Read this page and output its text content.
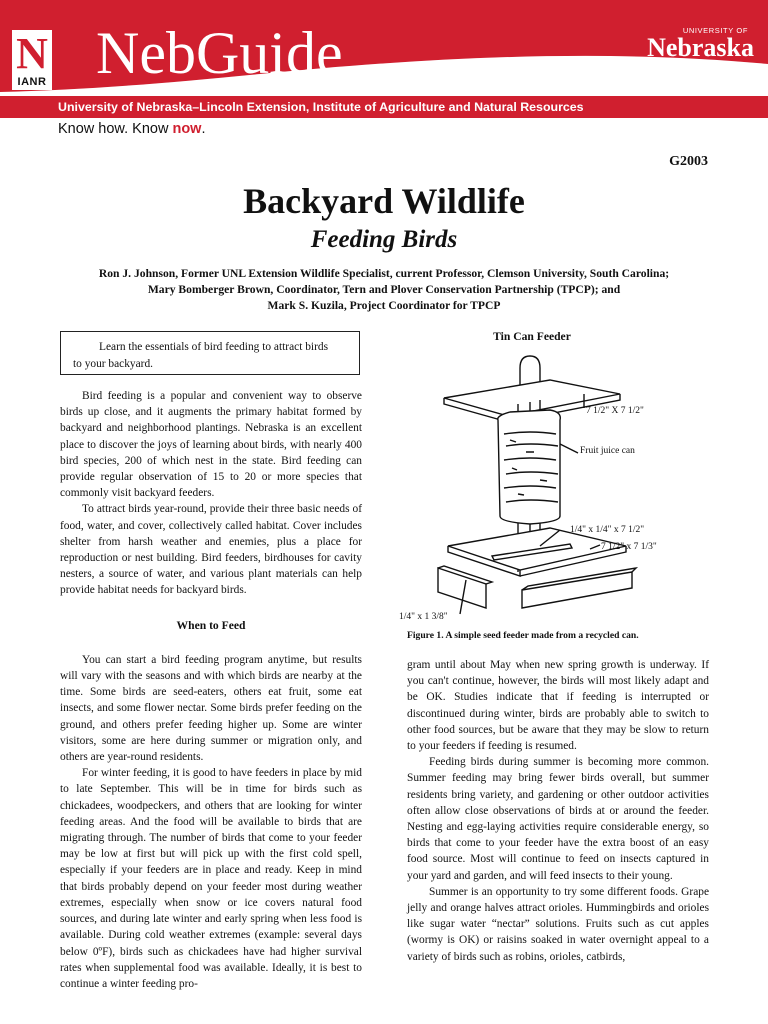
N
IANR NebGuide	UNIVERSITY OF
Nebraska
Lincoln
University of Nebraska–Lincoln Extension, Institute of Agriculture and Natural Resources
Know how. Know now.
G2003
Backyard Wildlife
Feeding Birds
Ron J. Johnson, Former UNL Extension Wildlife Specialist, current Professor, Clemson University, South Carolina;
Mary Bomberger Brown, Coordinator, Tern and Plover Conservation Partnership (TPCP); and
Mark S. Kuzila, Project Coordinator for TPCP
Learn the essentials of bird feeding to attract birds
to your backyard.

Bird feeding is a popular and convenient way to observe birds up close, and it augments the primary habitat formed by backyard and neighborhood plantings. Nebraska is an excellent place to discover the joys of learning about birds, with nearly 400 bird species, 200 of which nest in the state. Bird feeding can provide regular observation of 15 to 20 or more species that commonly visit backyard feeders.

To attract birds year-round, provide their three basic needs of food, water, and cover, collectively called habitat. Cover includes shelter from harsh weather and enemies, plus a place for reproduction or nest building. Bird feeders, birdhouses for cavity nesters, a source of water, and various plant materials can help provide habitat needs for backyard birds.

When to Feed

You can start a bird feeding program anytime, but results will vary with the seasons and with which birds are nearby at the time. Some birds are seed-eaters, others eat fruit, some eat insects, and some flower nectar. Some birds prefer feeding on the ground, and others prefer feeding higher up. Some are winter visitors, some are here during summer or migration only, and others are year-round residents.

For winter feeding, it is good to have feeders in place by mid to late September. This will be in time for birds such as chickadees, woodpeckers, and others that are looking for winter feeding areas. And the food will be available to birds that are migrating through. The number of birds that come to your feeder may be low at first but will pick up with the first cold spell, especially if your feeders are in place and ready. Keep in mind that birds probably depend on your feeder most during weather extremes, especially when snow or ice covers natural food sources, and during late winter and early spring when less food is available. During cold weather extremes (example: several days below 0ºF), birds such as chickadees have had higher survival rates when supplemental food was available. Ideally, it is best to continue a winter feeding pro-

Tin Can Feeder
7 1/2" X 7 1/2"
Fruit juice can
1/4" x 1/4" x 7 1/2"
7 1/2" x 7 1/3"
1/4" x 1 3/8"
Figure 1. A simple seed feeder made from a recycled can.

gram until about May when new spring growth is underway. If you can't continue, however, the birds will most likely adapt and be OK. Studies indicate that if feeding is interrupted or discontinued during winter, birds are probably able to switch to other food sources, but be aware that they may be slow to return to your feeders if feeding is resumed.

Feeding birds during summer is becoming more common. Summer feeding may bring fewer birds overall, but summer residents bring variety, and gardening or other outdoor activities often allow close observations of birds at or around the feeder. Nesting and egg-laying activities require considerable energy, so birds that come to your feeder have the extra boost of an easy food source. Most will continue to feed on insects captured in your yard and garden, and will feed insects to their young.

Summer is an opportunity to try some different foods. Grape jelly and orange halves attract orioles. Hummingbirds and orioles like sugar water “nectar” solutions. Fruits such as cut apples (wormy is OK) or raisins soaked in water overnight appeal to a variety of birds such as robins, orioles, catbirds,
